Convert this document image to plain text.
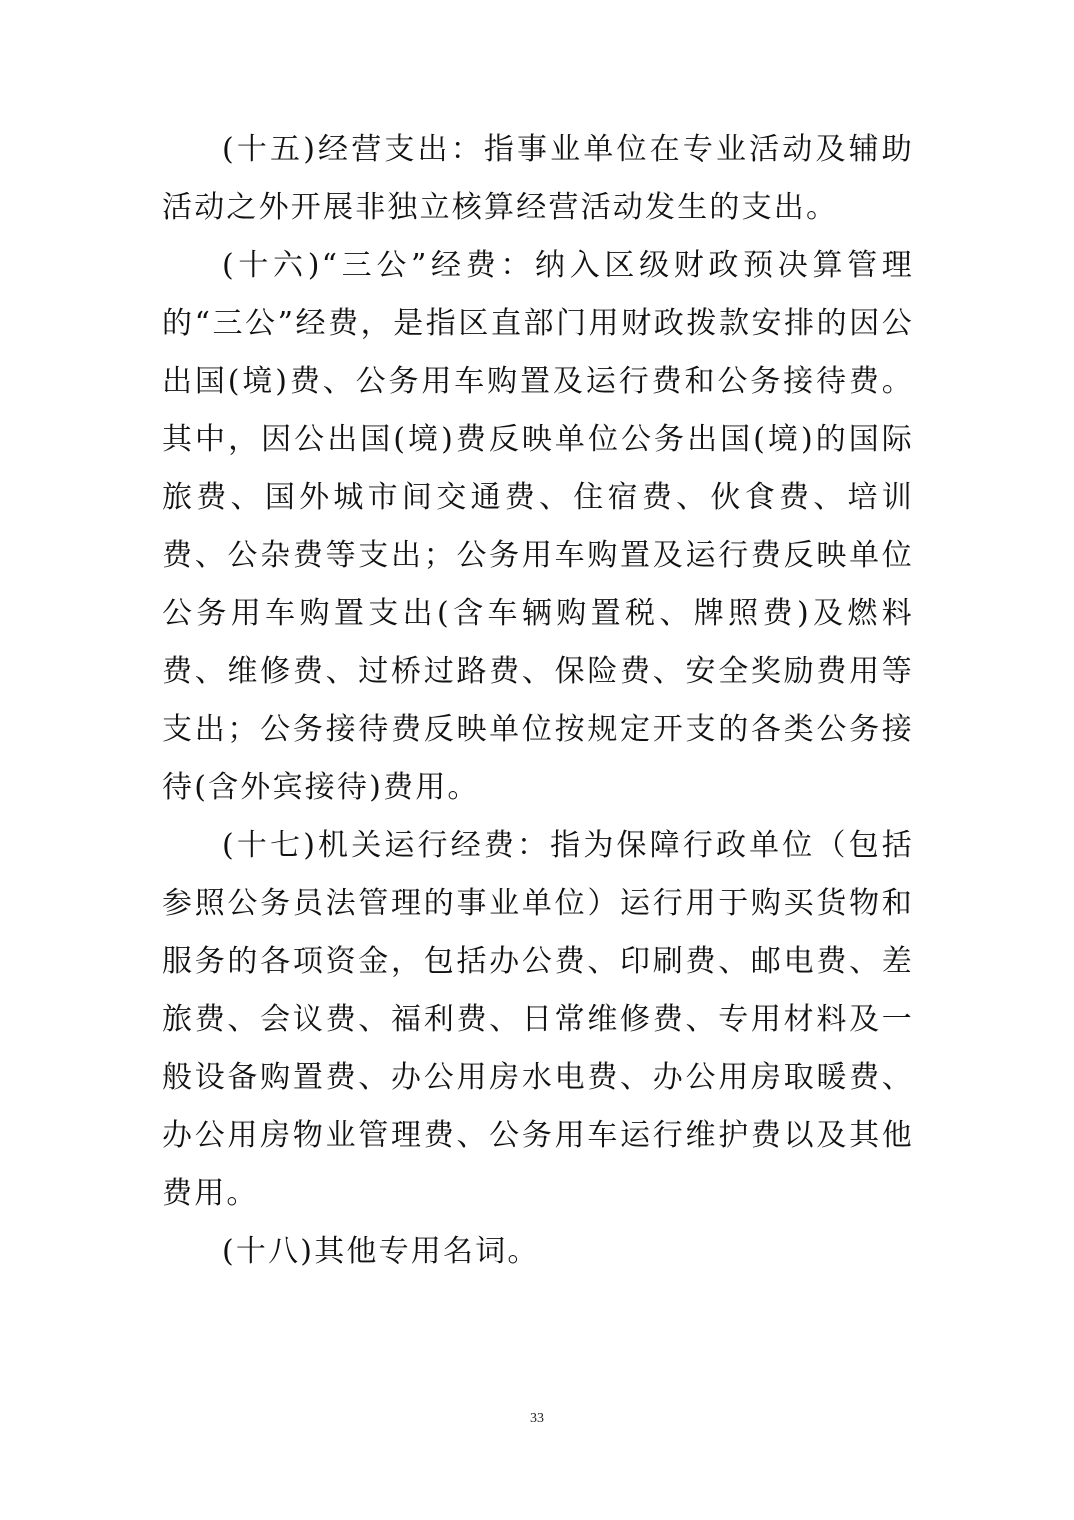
(十五)经营支出：指事业单位在专业活动及辅助活动之外开展非独立核算经营活动发生的支出。

(十六)“三公”经费：纳入区级财政预决算管理的“三公”经费，是指区直部门用财政拨款安排的因公出国(境)费、公务用车购置及运行费和公务接待费。其中，因公出国(境)费反映单位公务出国(境)的国际旅费、国外城市间交通费、住宿费、伙食费、培训费、公杂费等支出；公务用车购置及运行费反映单位公务用车购置支出(含车辆购置税、牌照费)及燃料费、维修费、过桥过路费、保险费、安全奖励费用等支出；公务接待费反映单位按规定开支的各类公务接待(含外宾接待)费用。

(十七)机关运行经费：指为保障行政单位（包括参照公务员法管理的事业单位）运行用于购买货物和服务的各项资金，包括办公费、印刷费、邮电费、差旅费、会议费、福利费、日常维修费、专用材料及一般设备购置费、办公用房水电费、办公用房取暖费、办公用房物业管理费、公务用车运行维护费以及其他费用。

(十八)其他专用名词。

33
